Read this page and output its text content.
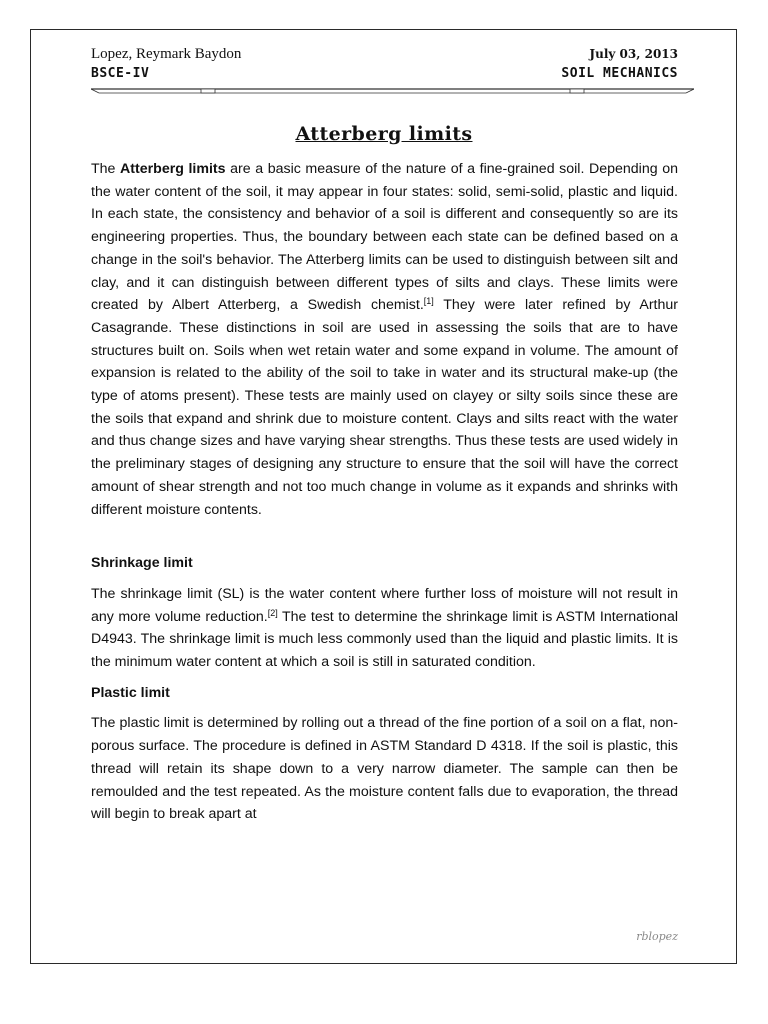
Lopez, Reymark Baydon
BSCE-IV
July 03, 2013
SOIL MECHANICS
Atterberg limits

The Atterberg limits are a basic measure of the nature of a fine-grained soil. Depending on the water content of the soil, it may appear in four states: solid, semi-solid, plastic and liquid. In each state, the consistency and behavior of a soil is different and consequently so are its engineering properties. Thus, the boundary between each state can be defined based on a change in the soil's behavior. The Atterberg limits can be used to distinguish between silt and clay, and it can distinguish between different types of silts and clays. These limits were created by Albert Atterberg, a Swedish chemist.[1] They were later refined by Arthur Casagrande. These distinctions in soil are used in assessing the soils that are to have structures built on. Soils when wet retain water and some expand in volume. The amount of expansion is related to the ability of the soil to take in water and its structural make-up (the type of atoms present). These tests are mainly used on clayey or silty soils since these are the soils that expand and shrink due to moisture content. Clays and silts react with the water and thus change sizes and have varying shear strengths. Thus these tests are used widely in the preliminary stages of designing any structure to ensure that the soil will have the correct amount of shear strength and not too much change in volume as it expands and shrinks with different moisture contents.

Shrinkage limit

The shrinkage limit (SL) is the water content where further loss of moisture will not result in any more volume reduction.[2] The test to determine the shrinkage limit is ASTM International D4943. The shrinkage limit is much less commonly used than the liquid and plastic limits. It is the minimum water content at which a soil is still in saturated condition.

Plastic limit

The plastic limit is determined by rolling out a thread of the fine portion of a soil on a flat, non-porous surface. The procedure is defined in ASTM Standard D 4318. If the soil is plastic, this thread will retain its shape down to a very narrow diameter. The sample can then be remoulded and the test repeated. As the moisture content falls due to evaporation, the thread will begin to break apart at

rblopez
